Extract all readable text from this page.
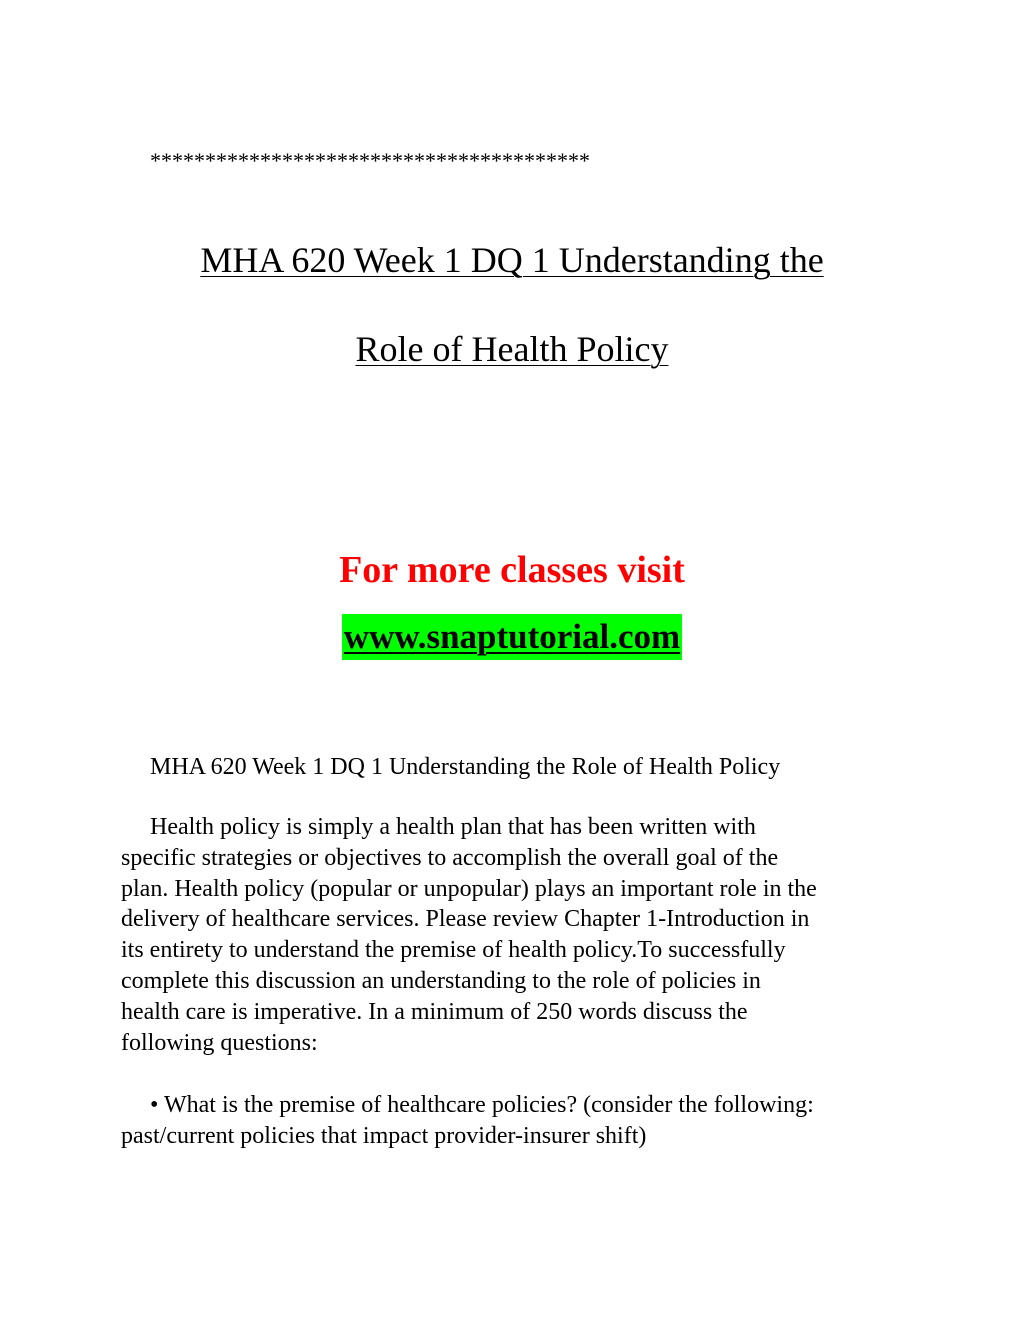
****************************************
MHA 620 Week 1 DQ 1 Understanding the
Role of Health Policy
For more classes visit
www.snaptutorial.com
MHA 620 Week 1 DQ 1 Understanding the Role of Health Policy
Health policy is simply a health plan that has been written with
specific strategies or objectives to accomplish the overall goal of the
plan. Health policy (popular or unpopular) plays an important role in the
delivery of healthcare services. Please review Chapter 1-Introduction in
its entirety to understand the premise of health policy.To successfully
complete this discussion an understanding to the role of policies in
health care is imperative. In a minimum of 250 words discuss the
following questions:
• What is the premise of healthcare policies? (consider the following:
past/current policies that impact provider-insurer shift)
